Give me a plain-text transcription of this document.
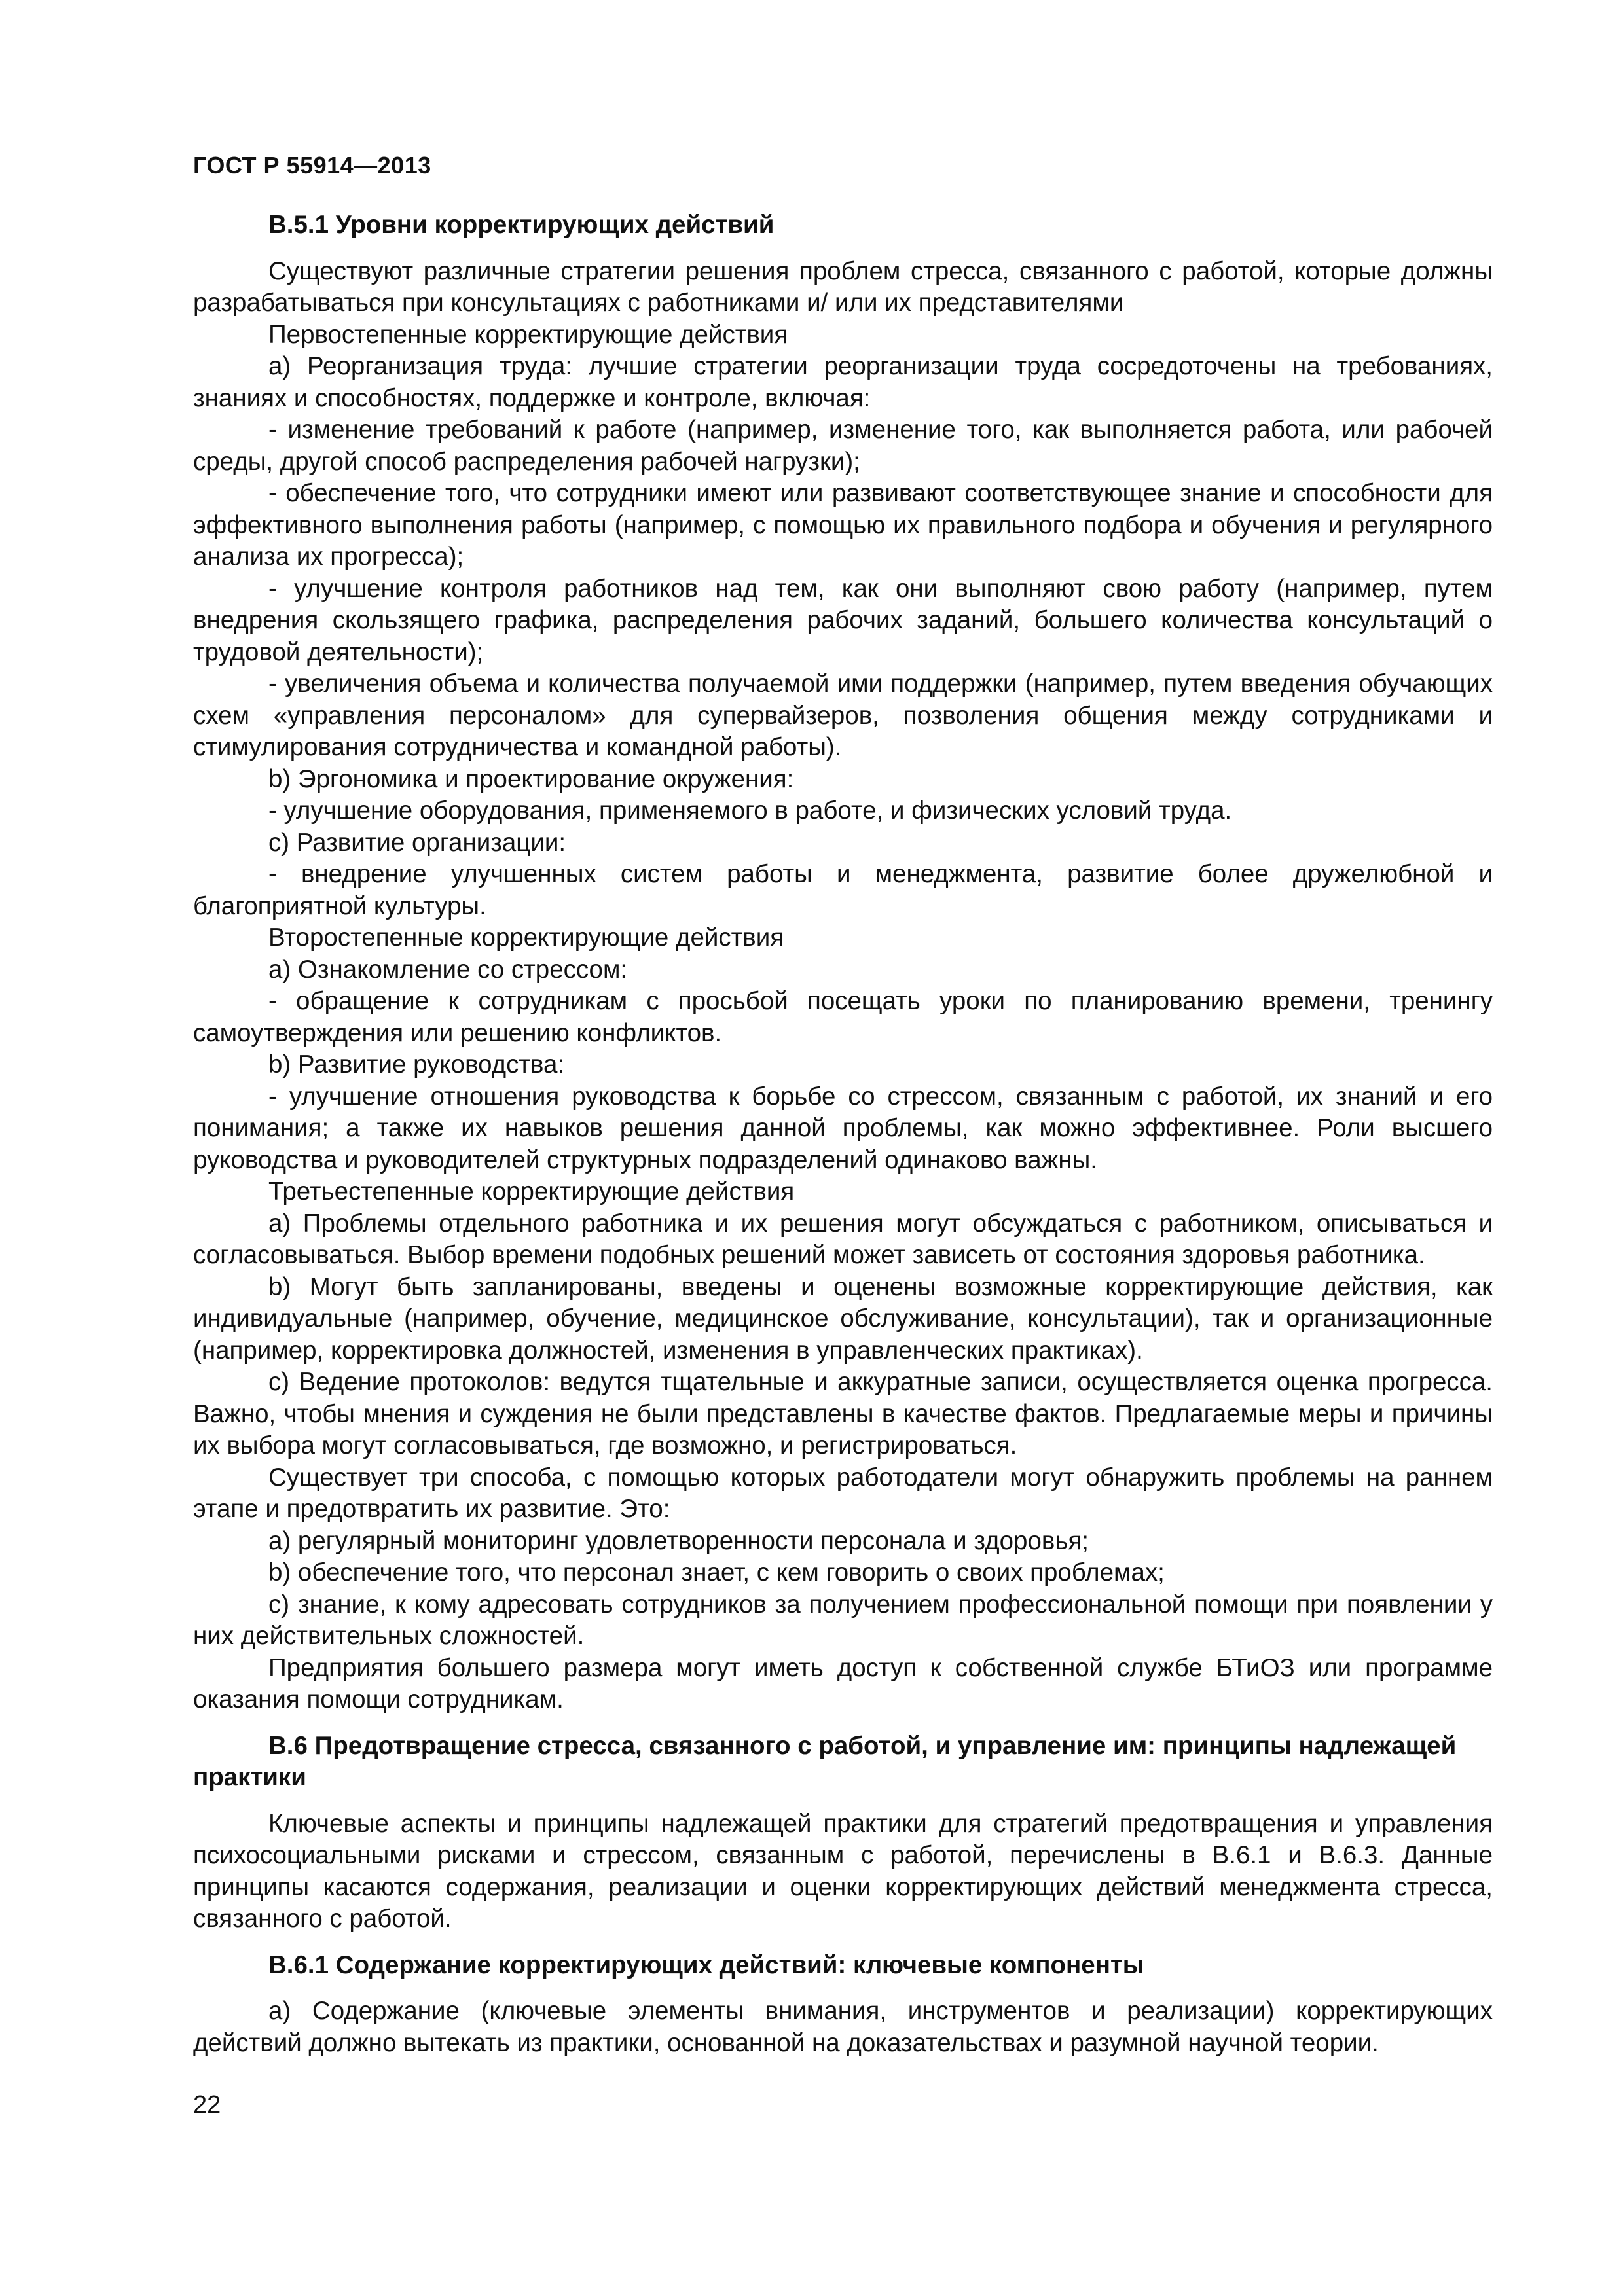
ГОСТ Р 55914—2013
B.5.1 Уровни корректирующих действий

Существуют различные стратегии решения проблем стресса, связанного с работой, которые должны разрабатываться при консультациях с работниками и/ или их представителями

Первостепенные корректирующие действия

a) Реорганизация труда: лучшие стратегии реорганизации труда сосредоточены на требованиях, знаниях и способностях, поддержке и контроле, включая:

- изменение требований к работе (например, изменение того, как выполняется работа, или рабочей среды, другой способ распределения рабочей нагрузки);

- обеспечение того, что сотрудники имеют или развивают соответствующее знание и способности для эффективного выполнения работы (например, с помощью их правильного подбора и обучения и регулярного анализа их прогресса);

- улучшение контроля работников над тем, как они выполняют свою работу (например, путем внедрения скользящего графика, распределения рабочих заданий, большего количества консультаций о трудовой деятельности);

- увеличения объема и количества получаемой ими поддержки (например, путем введения обучающих схем «управления персоналом» для супервайзеров, позволения общения между сотрудниками и стимулирования сотрудничества и командной работы).

b) Эргономика и проектирование окружения:

- улучшение оборудования, применяемого в работе, и физических условий труда.

c) Развитие организации:

- внедрение улучшенных систем работы и менеджмента, развитие более дружелюбной и благоприятной культуры.

Второстепенные корректирующие действия

a) Ознакомление со стрессом:

- обращение к сотрудникам с просьбой посещать уроки по планированию времени, тренингу самоутверждения или решению конфликтов.

b) Развитие руководства:

- улучшение отношения руководства к борьбе со стрессом, связанным с работой, их знаний и его понимания; а также их навыков решения данной проблемы, как можно эффективнее. Роли высшего руководства и руководителей структурных подразделений одинаково важны.

Третьестепенные корректирующие действия

a) Проблемы отдельного работника и их решения могут обсуждаться с работником, описываться и согласовываться. Выбор времени подобных решений может зависеть от состояния здоровья работника.

b) Могут быть запланированы, введены и оценены возможные корректирующие действия, как индивидуальные (например, обучение, медицинское обслуживание, консультации), так и организационные (например, корректировка должностей, изменения в управленческих практиках).

c) Ведение протоколов: ведутся тщательные и аккуратные записи, осуществляется оценка прогресса. Важно, чтобы мнения и суждения не были представлены в качестве фактов. Предлагаемые меры и причины их выбора могут согласовываться, где возможно, и регистрироваться.

Существует три способа, с помощью которых работодатели могут обнаружить проблемы на раннем этапе и предотвратить их развитие. Это:

a) регулярный мониторинг удовлетворенности персонала и здоровья;

b) обеспечение того, что персонал знает, с кем говорить о своих проблемах;

c) знание, к кому адресовать сотрудников за получением профессиональной помощи при появлении у них действительных сложностей.

Предприятия большего размера могут иметь доступ к собственной службе БТиОЗ или программе оказания помощи сотрудникам.

B.6 Предотвращение стресса, связанного с работой, и управление им: принципы надлежащей практики

Ключевые аспекты и принципы надлежащей практики для стратегий предотвращения и управления психосоциальными рисками и стрессом, связанным с работой, перечислены в B.6.1 и B.6.3. Данные принципы касаются содержания, реализации и оценки корректирующих действий менеджмента стресса, связанного с работой.

B.6.1 Содержание корректирующих действий: ключевые компоненты

a) Содержание (ключевые элементы внимания, инструментов и реализации) корректирующих действий должно вытекать из практики, основанной на доказательствах и разумной научной теории.

22
